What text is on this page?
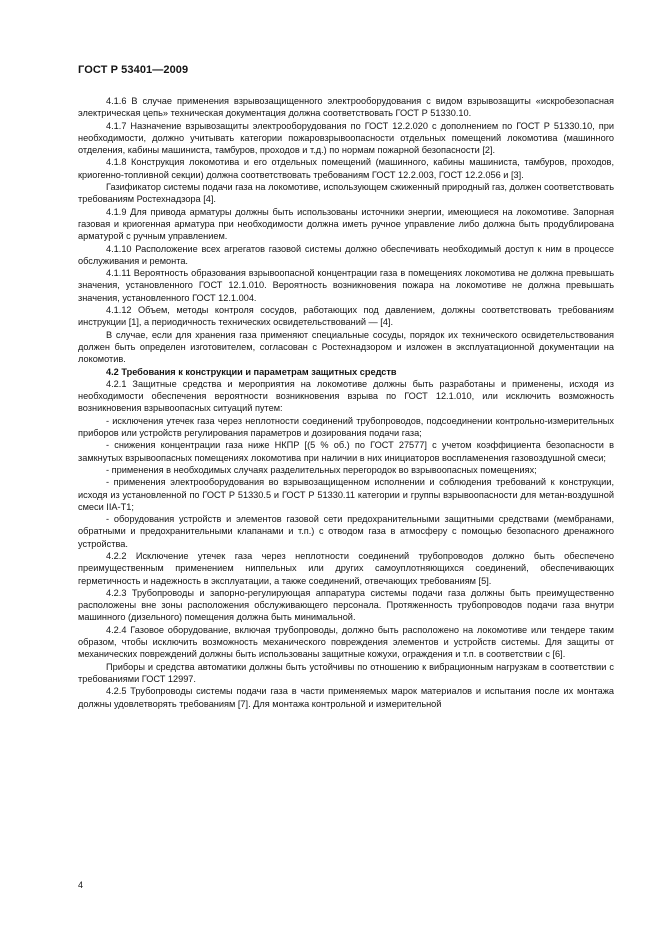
ГОСТ Р 53401—2009

4.1.6 В случае применения взрывозащищенного электрооборудования с видом взрывозащиты «искробезопасная электрическая цепь» техническая документация должна соответствовать ГОСТ Р 51330.10.

4.1.7 Назначение взрывозащиты электрооборудования по ГОСТ 12.2.020 с дополнением по ГОСТ Р 51330.10, при необходимости, должно учитывать категории пожаровзрывоопасности отдельных помещений локомотива (машинного отделения, кабины машиниста, тамбуров, проходов и т.д.) по нормам пожарной безопасности [2].

4.1.8 Конструкция локомотива и его отдельных помещений (машинного, кабины машиниста, тамбуров, проходов, криогенно-топливной секции) должна соответствовать требованиям ГОСТ 12.2.003, ГОСТ 12.2.056 и [3].

Газификатор системы подачи газа на локомотиве, использующем сжиженный природный газ, должен соответствовать требованиям Ростехнадзора [4].

4.1.9 Для привода арматуры должны быть использованы источники энергии, имеющиеся на локомотиве. Запорная газовая и криогенная арматура при необходимости должна иметь ручное управление либо должна быть продублирована арматурой с ручным управлением.

4.1.10 Расположение всех агрегатов газовой системы должно обеспечивать необходимый доступ к ним в процессе обслуживания и ремонта.

4.1.11 Вероятность образования взрывоопасной концентрации газа в помещениях локомотива не должна превышать значения, установленного ГОСТ 12.1.010. Вероятность возникновения пожара на локомотиве не должна превышать значения, установленного ГОСТ 12.1.004.

4.1.12 Объем, методы контроля сосудов, работающих под давлением, должны соответствовать требованиям инструкции [1], а периодичность технических освидетельствований — [4].

В случае, если для хранения газа применяют специальные сосуды, порядок их технического освидетельствования должен быть определен изготовителем, согласован с Ростехнадзором и изложен в эксплуатационной документации на локомотив.

4.2 Требования к конструкции и параметрам защитных средств

4.2.1 Защитные средства и мероприятия на локомотиве должны быть разработаны и применены, исходя из необходимости обеспечения вероятности возникновения взрыва по ГОСТ 12.1.010, или исключить возможность возникновения взрывоопасных ситуаций путем:

- исключения утечек газа через неплотности соединений трубопроводов, подсоединении контрольно-измерительных приборов или устройств регулирования параметров и дозирования подачи газа;

- снижения концентрации газа ниже НКПР [(5 % об.) по ГОСТ 27577] с учетом коэффициента безопасности в замкнутых взрывоопасных помещениях локомотива при наличии в них инициаторов воспламенения газовоздушной смеси;

- применения в необходимых случаях разделительных перегородок во взрывоопасных помещениях;

- применения электрооборудования во взрывозащищенном исполнении и соблюдения требований к конструкции, исходя из установленной по ГОСТ Р 51330.5 и ГОСТ Р 51330.11 категории и группы взрывоопасности для метан-воздушной смеси IIА-Т1;

- оборудования устройств и элементов газовой сети предохранительными защитными средствами (мембранами, обратными и предохранительными клапанами и т.п.) с отводом газа в атмосферу с помощью безопасного дренажного устройства.

4.2.2 Исключение утечек газа через неплотности соединений трубопроводов должно быть обеспечено преимущественным применением ниппельных или других самоуплотняющихся соединений, обеспечивающих герметичность и надежность в эксплуатации, а также соединений, отвечающих требованиям [5].

4.2.3 Трубопроводы и запорно-регулирующая аппаратура системы подачи газа должны быть преимущественно расположены вне зоны расположения обслуживающего персонала. Протяженность трубопроводов подачи газа внутри машинного (дизельного) помещения должна быть минимальной.

4.2.4 Газовое оборудование, включая трубопроводы, должно быть расположено на локомотиве или тендере таким образом, чтобы исключить возможность механического повреждения элементов и устройств системы. Для защиты от механических повреждений должны быть использованы защитные кожухи, ограждения и т.п. в соответствии с [6].

Приборы и средства автоматики должны быть устойчивы по отношению к вибрационным нагрузкам в соответствии с требованиями ГОСТ 12997.

4.2.5 Трубопроводы системы подачи газа в части применяемых марок материалов и испытания после их монтажа должны удовлетворять требованиям [7]. Для монтажа контрольной и измерительной

4
